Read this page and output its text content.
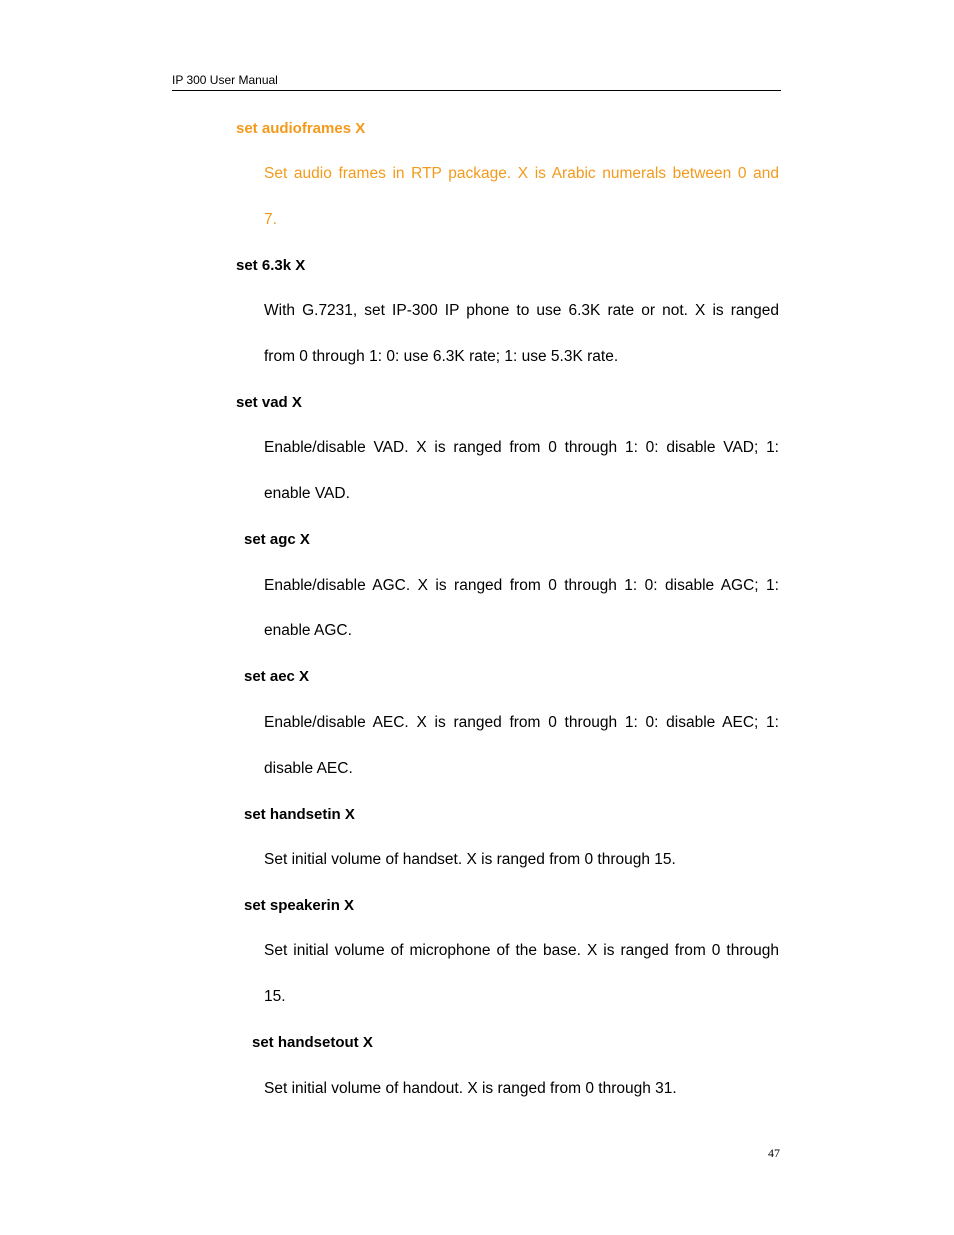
IP 300 User Manual
set audioframes X
Set audio frames in RTP package. X is Arabic numerals between 0 and
7.
set 6.3k X
With G.7231, set IP-300 IP phone to use 6.3K rate or not. X is ranged
from 0 through 1: 0: use 6.3K rate; 1: use 5.3K rate.
set vad X
Enable/disable VAD. X is ranged from 0 through 1: 0: disable VAD; 1:
enable VAD.
set agc X
Enable/disable AGC. X is ranged from 0 through 1: 0: disable AGC; 1:
enable AGC.
set aec X
Enable/disable AEC. X is ranged from 0 through 1: 0: disable AEC; 1:
disable AEC.
set handsetin X
Set initial volume of handset. X is ranged from 0 through 15.
set speakerin X
Set initial volume of microphone of the base. X is ranged from 0 through
15.
set handsetout X
Set initial volume of handout. X is ranged from 0 through 31.
47
